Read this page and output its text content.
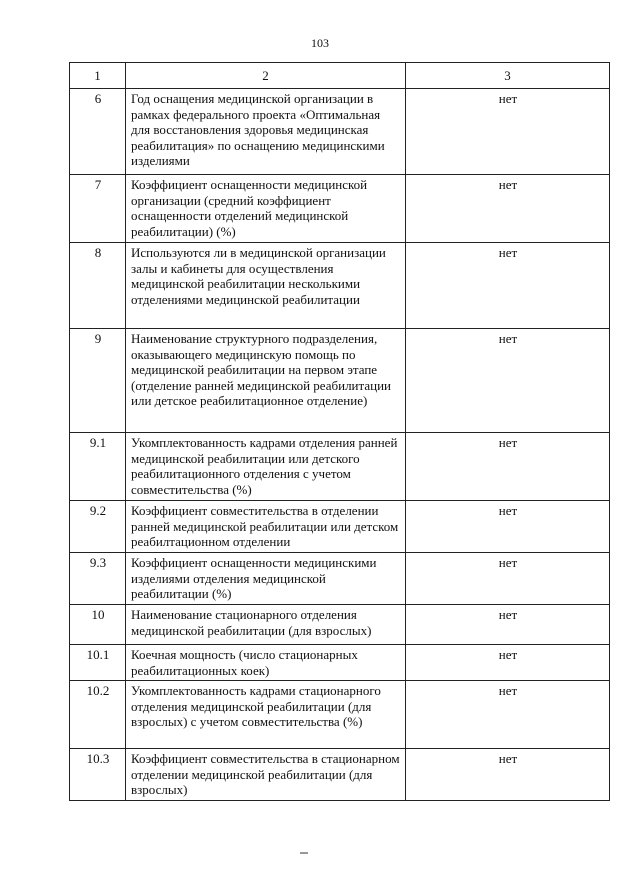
103
1	2	3
6	Год оснащения медицинской организации в рамках федерального проекта «Оптимальная для восстановления здоровья медицинская реабилитация» по оснащению медицинскими изделиями	нет
7	Коэффициент оснащенности медицинской организации (средний коэффициент оснащенности отделений медицинской реабилитации) (%)	нет
8	Используются ли в медицинской организации залы и кабинеты для осуществления медицинской реабилитации несколькими отделениями медицинской реабилитации	нет
9	Наименование структурного подразделения, оказывающего медицинскую помощь по медицинской реабилитации на первом этапе (отделение ранней медицинской реабилитации или детское реабилитационное отделение)	нет
9.1	Укомплектованность кадрами отделения ранней медицинской реабилитации или детского реабилитационного отделения с учетом совместительства (%)	нет
9.2	Коэффициент совместительства в отделении ранней медицинской реабилитации или детском реабилтационном отделении	нет
9.3	Коэффициент оснащенности медицинскими изделиями отделения медицинской реабилитации (%)	нет
10	Наименование стационарного отделения медицинской реабилитации (для взрослых)	нет
10.1	Коечная мощность (число стационарных реабилитационных коек)	нет
10.2	Укомплектованность кадрами стационарного отделения медицинской реабилитации (для взрослых) с учетом совместительства (%)	нет
10.3	Коэффициент совместительства в стационарном отделении медицинской реабилитации (для взрослых)	нет
